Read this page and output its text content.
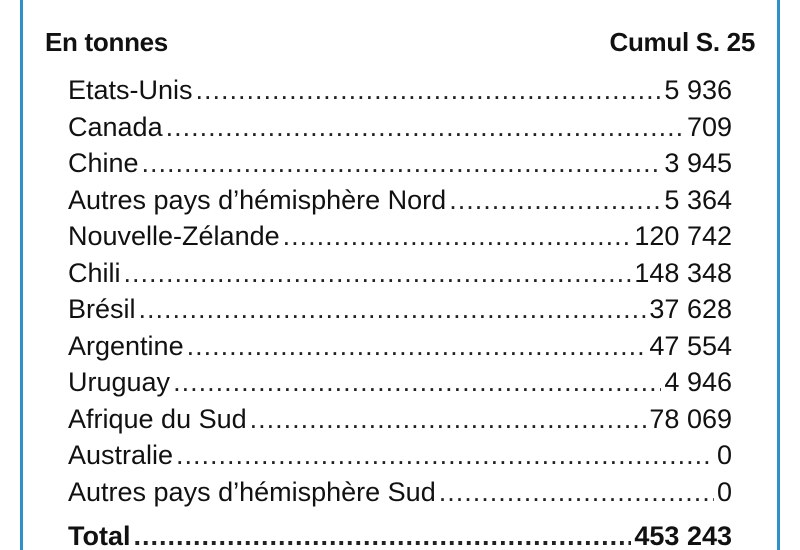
En tonnes	Cumul S. 25
Etats-Unis .....	5 936
Canada .....	709
Chine .....	3 945
Autres pays d’hémisphère Nord .....	5 364
Nouvelle-Zélande .....	120 742
Chili .....	148 348
Brésil .....	37 628
Argentine .....	47 554
Uruguay .....	4 946
Afrique du Sud .....	78 069
Australie .....	0
Autres pays d’hémisphère Sud .....	0
Total .....	453 243
